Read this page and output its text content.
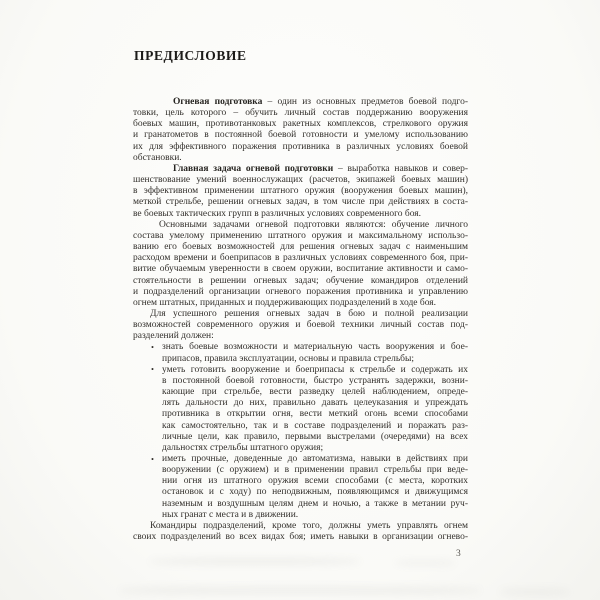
ПРЕДИСЛОВИЕ
Огневая подготовка – один из основных предметов боевой подго-
товки, цель которого – обучить личный состав поддержанию вооружения
боевых машин, противотанковых ракетных комплексов, стрелкового оружия
и гранатометов в постоянной боевой готовности и умелому использованию
их для эффективного поражения противника в различных условиях боевой
обстановки.
Главная задача огневой подготовки – выработка навыков и совер-
шенствование умений военнослужащих (расчетов, экипажей боевых машин)
в эффективном применении штатного оружия (вооружения боевых машин),
меткой стрельбе, решении огневых задач, в том числе при действиях в соста-
ве боевых тактических групп в различных условиях современного боя.
Основными задачами огневой подготовки являются: обучение личного
состава умелому применению штатного оружия и максимальному использо-
ванию его боевых возможностей для решения огневых задач с наименьшим
расходом времени и боеприпасов в различных условиях современного боя, при-
витие обучаемым уверенности в своем оружии, воспитание активности и само-
стоятельности в решении огневых задач; обучение командиров отделений
и подразделений организации огневого поражения противника и управлению
огнем штатных, приданных и поддерживающих подразделений в ходе боя.
Для успешного решения огневых задач в бою и полной реализации
возможностей современного оружия и боевой техники личный состав под-
разделений должен:
• знать боевые возможности и материальную часть вооружения и бое-
припасов, правила эксплуатации, основы и правила стрельбы;
• уметь готовить вооружение и боеприпасы к стрельбе и содержать их
в постоянной боевой готовности, быстро устранять задержки, возни-
кающие при стрельбе, вести разведку целей наблюдением, опреде-
лять дальности до них, правильно давать целеуказания и упреждать
противника в открытии огня, вести меткий огонь всеми способами
как самостоятельно, так и в составе подразделений и поражать раз-
личные цели, как правило, первыми выстрелами (очередями) на всех
дальностях стрельбы штатного оружия;
• иметь прочные, доведенные до автоматизма, навыки в действиях при
вооружении (с оружием) и в применении правил стрельбы при веде-
нии огня из штатного оружия всеми способами (с места, коротких
остановок и с ходу) по неподвижным, появляющимся и движущимся
наземным и воздушным целям днем и ночью, а также в метании руч-
ных гранат с места и в движении.
Командиры подразделений, кроме того, должны уметь управлять огнем
своих подразделений во всех видах боя; иметь навыки в организации огнево-
3
